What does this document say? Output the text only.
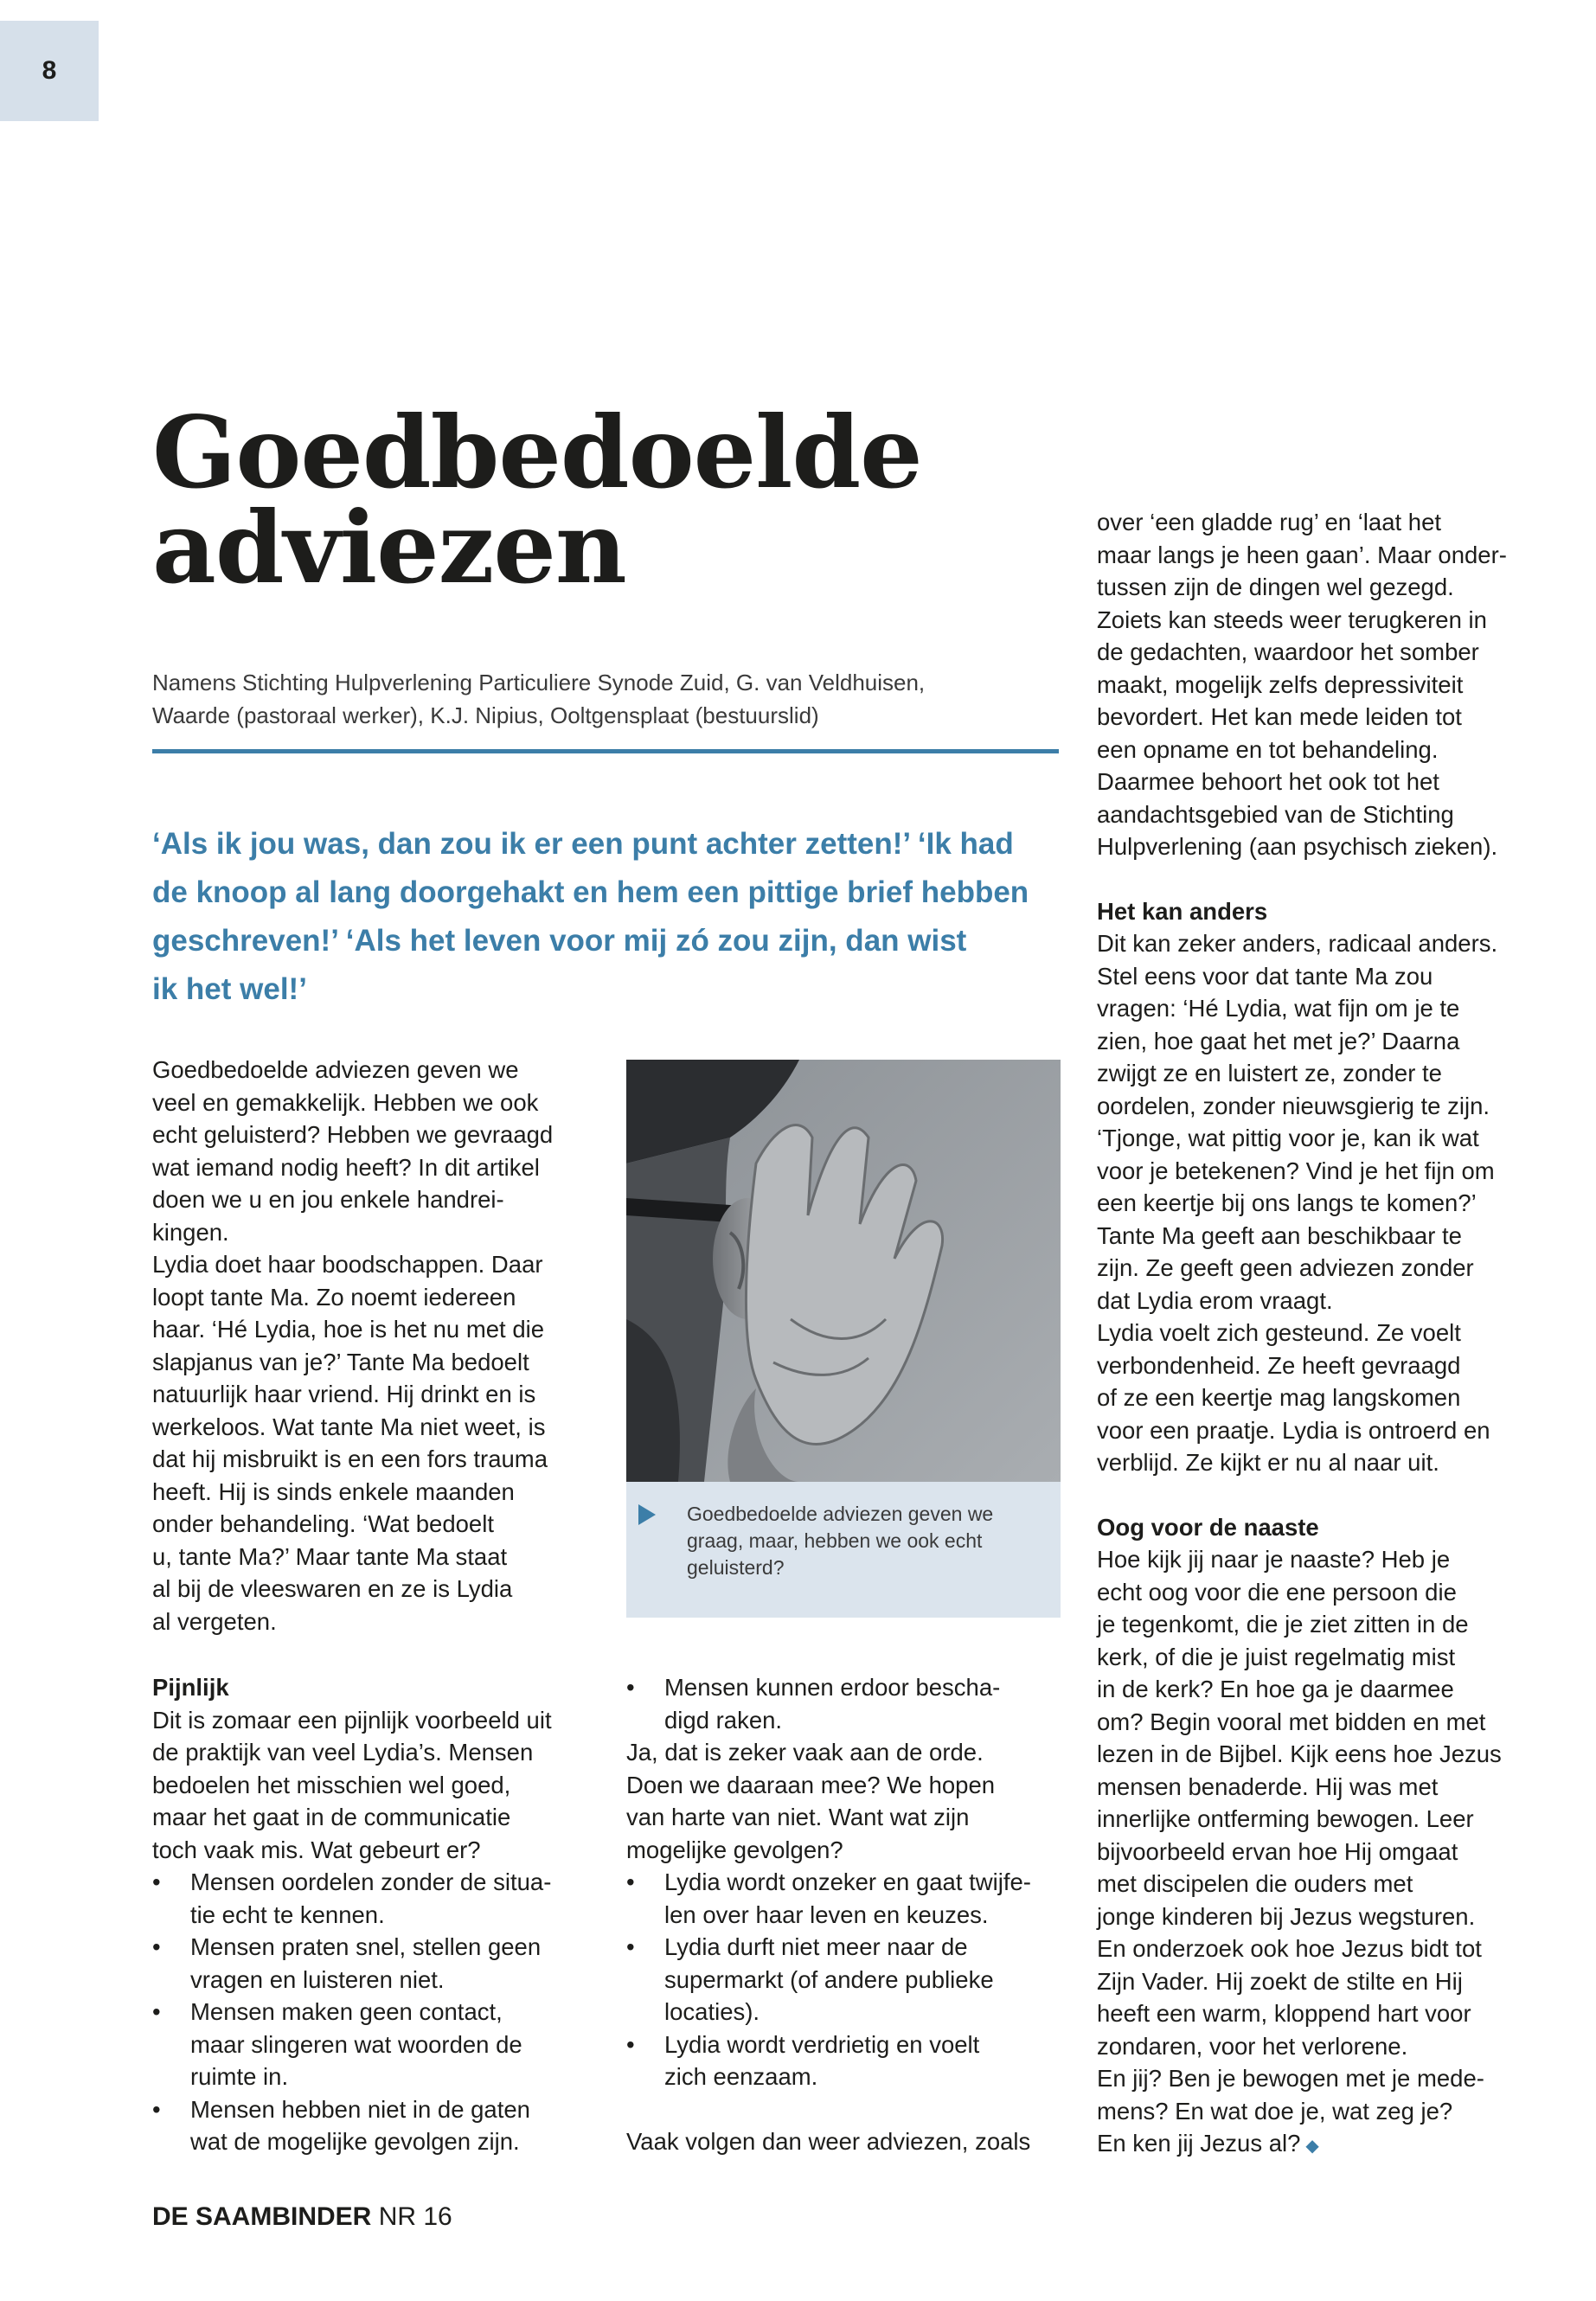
8
Goedbedoelde
adviezen
Namens Stichting Hulpverlening Particuliere Synode Zuid, G. van Veldhuisen,
Waarde (pastoraal werker), K.J. Nipius, Ooltgensplaat (bestuurslid)
‘Als ik jou was, dan zou ik er een punt achter zetten!’ ‘Ik had
de knoop al lang doorgehakt en hem een pittige brief hebben
geschreven!’ ‘Als het leven voor mij zó zou zijn, dan wist
ik het wel!’
Goedbedoelde adviezen geven we
veel en gemakkelijk. Hebben we ook
echt geluisterd? Hebben we gevraagd
wat iemand nodig heeft? In dit artikel
doen we u en jou enkele handrei-
kingen.
Lydia doet haar boodschappen. Daar
loopt tante Ma. Zo noemt iedereen
haar. ‘Hé Lydia, hoe is het nu met die
slapjanus van je?’ Tante Ma bedoelt
natuurlijk haar vriend. Hij drinkt en is
werkeloos. Wat tante Ma niet weet, is
dat hij misbruikt is en een fors trauma
heeft. Hij is sinds enkele maanden
onder behandeling. ‘Wat bedoelt
u, tante Ma?’ Maar tante Ma staat
al bij de vleeswaren en ze is Lydia
al vergeten.
Pijnlijk
Dit is zomaar een pijnlijk voorbeeld uit
de praktijk van veel Lydia’s. Mensen
bedoelen het misschien wel goed,
maar het gaat in de communicatie
toch vaak mis. Wat gebeurt er?
•	Mensen oordelen zonder de situa-
tie echt te kennen.
•	Mensen praten snel, stellen geen
vragen en luisteren niet.
•	Mensen maken geen contact,
maar slingeren wat woorden de
ruimte in.
•	Mensen hebben niet in de gaten
wat de mogelijke gevolgen zijn.
Goedbedoelde adviezen geven we
graag, maar, hebben we ook echt
geluisterd?
•	Mensen kunnen erdoor bescha-
digd raken.
Ja, dat is zeker vaak aan de orde.
Doen we daaraan mee? We hopen
van harte van niet. Want wat zijn
mogelijke gevolgen?
•	Lydia wordt onzeker en gaat twijfe-
len over haar leven en keuzes.
•	Lydia durft niet meer naar de
supermarkt (of andere publieke
locaties).
•	Lydia wordt verdrietig en voelt
zich eenzaam.
Vaak volgen dan weer adviezen, zoals
over ‘een gladde rug’ en ‘laat het
maar langs je heen gaan’. Maar onder-
tussen zijn de dingen wel gezegd.
Zoiets kan steeds weer terugkeren in
de gedachten, waardoor het somber
maakt, mogelijk zelfs depressiviteit
bevordert. Het kan mede leiden tot
een opname en tot behandeling.
Daarmee behoort het ook tot het
aandachtsgebied van de Stichting
Hulpverlening (aan psychisch zieken).
Het kan anders
Dit kan zeker anders, radicaal anders.
Stel eens voor dat tante Ma zou
vragen: ‘Hé Lydia, wat fijn om je te
zien, hoe gaat het met je?’ Daarna
zwijgt ze en luistert ze, zonder te
oordelen, zonder nieuwsgierig te zijn.
‘Tjonge, wat pittig voor je, kan ik wat
voor je betekenen? Vind je het fijn om
een keertje bij ons langs te komen?’
Tante Ma geeft aan beschikbaar te
zijn. Ze geeft geen adviezen zonder
dat Lydia erom vraagt.
Lydia voelt zich gesteund. Ze voelt
verbondenheid. Ze heeft gevraagd
of ze een keertje mag langskomen
voor een praatje. Lydia is ontroerd en
verblijd. Ze kijkt er nu al naar uit.
Oog voor de naaste
Hoe kijk jij naar je naaste? Heb je
echt oog voor die ene persoon die
je tegenkomt, die je ziet zitten in de
kerk, of die je juist regelmatig mist
in de kerk? En hoe ga je daarmee
om? Begin vooral met bidden en met
lezen in de Bijbel. Kijk eens hoe Jezus
mensen benaderde. Hij was met
innerlijke ontferming bewogen. Leer
bijvoorbeeld ervan hoe Hij omgaat
met discipelen die ouders met
jonge kinderen bij Jezus wegsturen.
En onderzoek ook hoe Jezus bidt tot
Zijn Vader. Hij zoekt de stilte en Hij
heeft een warm, kloppend hart voor
zondaren, voor het verlorene.
En jij? Ben je bewogen met je mede-
mens? En wat doe je, wat zeg je?
En ken jij Jezus al? ◆
DE SAAMBINDER NR 16
